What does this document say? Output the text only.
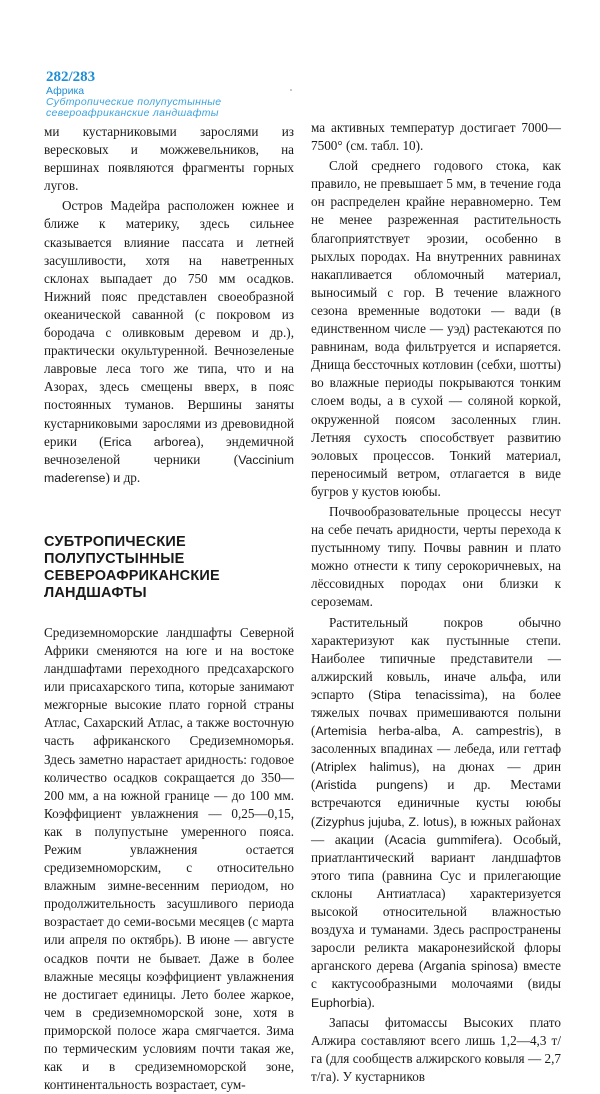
282/283
Африка
Субтропические полупустынные
североафриканские ландшафты

ми кустарниковыми зарослями из вересковых и можжевельников, на вершинах появляются фрагменты горных лугов.

Остров Мадейра расположен южнее и ближе к материку, здесь сильнее сказывается влияние пассата и летней засушливости, хотя на наветренных склонах выпадает до 750 мм осадков. Нижний пояс представлен своеобразной океанической саванной (с покровом из бородача с оливковым деревом и др.), практически окультуренной. Вечнозеленые лавровые леса того же типа, что и на Азорах, здесь смещены вверх, в пояс постоянных туманов. Вершины заняты кустарниковыми зарослями из древовидной ерики (Erica arborea), эндемичной вечнозеленой черники (Vaccinium maderense) и др.

СУБТРОПИЧЕСКИЕ
ПОЛУПУСТЫННЫЕ
СЕВЕРОАФРИКАНСКИЕ
ЛАНДШАФТЫ

Средиземноморские ландшафты Северной Африки сменяются на юге и на востоке ландшафтами переходного предсахарского или присахарского типа, которые занимают межгорные высокие плато горной страны Атлас, Сахарский Атлас, а также восточную часть африканского Средиземноморья. Здесь заметно нарастает аридность: годовое количество осадков сокращается до 350—200 мм, а на южной границе — до 100 мм. Коэффициент увлажнения — 0,25—0,15, как в полупустыне умеренного пояса. Режим увлажнения остается средиземноморским, с относительно влажным зимне-весенним периодом, но продолжительность засушливого периода возрастает до семи-восьми месяцев (с марта или апреля по октябрь). В июне — августе осадков почти не бывает. Даже в более влажные месяцы коэффициент увлажнения не достигает единицы. Лето более жаркое, чем в средиземноморской зоне, хотя в приморской полосе жара смягчается. Зима по термическим условиям почти такая же, как и в средиземноморской зоне, континентальность возрастает, сум-

ма активных температур достигает 7000—7500° (см. табл. 10).

Слой среднего годового стока, как правило, не превышает 5 мм, в течение года он распределен крайне неравномерно. Тем не менее разреженная растительность благоприятствует эрозии, особенно в рыхлых породах. На внутренних равнинах накапливается обломочный материал, выносимый с гор. В течение влажного сезона временные водотоки — вади (в единственном числе — уэд) растекаются по равнинам, вода фильтруется и испаряется. Днища бессточных котловин (себхи, шотты) во влажные периоды покрываются тонким слоем воды, а в сухой — соляной коркой, окруженной поясом засоленных глин. Летняя сухость способствует развитию эоловых процессов. Тонкий материал, переносимый ветром, отлагается в виде бугров у кустов ююбы.

Почвообразовательные процессы несут на себе печать аридности, черты перехода к пустынному типу. Почвы равнин и плато можно отнести к типу серокоричневых, на лёссовидных породах они близки к сероземам.

Растительный покров обычно характеризуют как пустынные степи. Наиболее типичные представители — алжирский ковыль, иначе альфа, или эспарто (Stipa tenacissima), на более тяжелых почвах примешиваются полыни (Artemisia herba-alba, A. campestris), в засоленных впадинах — лебеда, или геттаф (Atriplex halimus), на дюнах — дрин (Aristida pungens) и др. Местами встречаются единичные кусты ююбы (Zizyphus jujuba, Z. lotus), в южных районах — акации (Acacia gummifera). Особый, приатлантический вариант ландшафтов этого типа (равнина Сус и прилегающие склоны Антиатласа) характеризуется высокой относительной влажностью воздуха и туманами. Здесь распространены заросли реликта макаронезийской флоры арганского дерева (Argania spinosa) вместе с кактусообразными молочаями (виды Euphorbia).

Запасы фитомассы Высоких плато Алжира составляют всего лишь 1,2—4,3 т/га (для сообществ алжирского ковыля — 2,7 т/га). У кустарников
